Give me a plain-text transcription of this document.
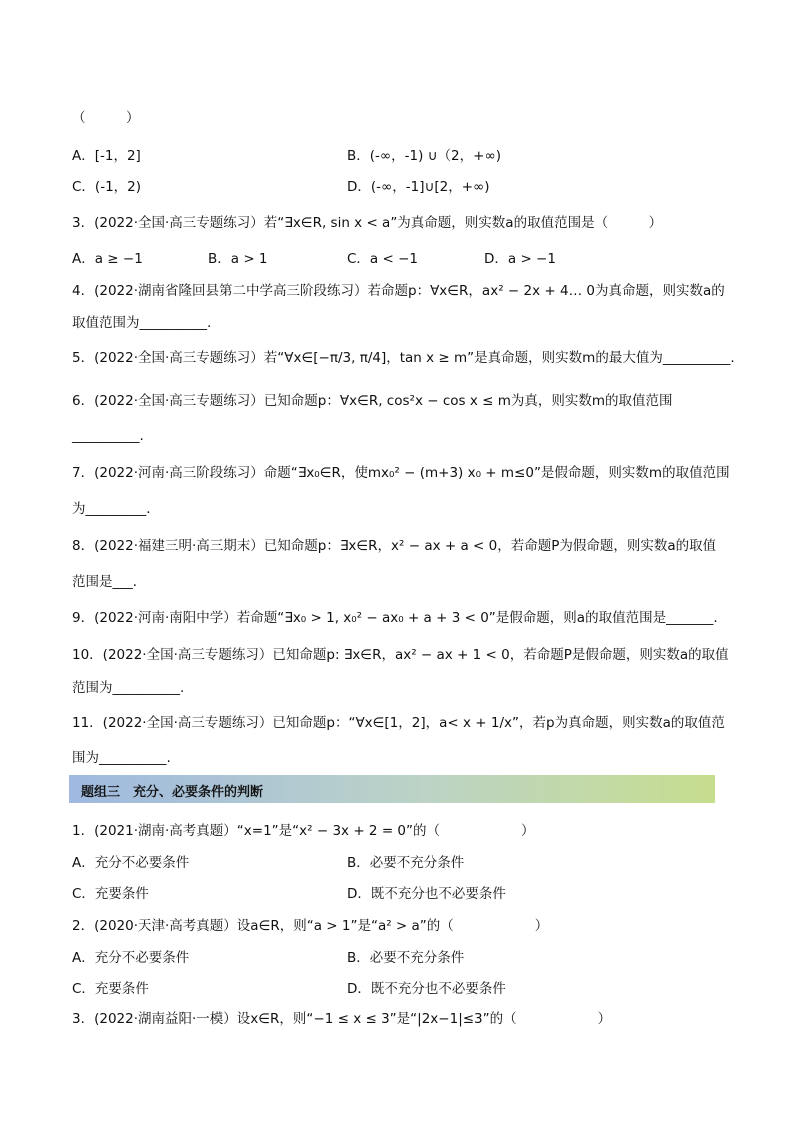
（　　　）
A．[-1，2]	B．(-∞，-1) ∪（2，+∞)
C．(-1，2)	D．(-∞，-1]∪[2，+∞)
3．(2022·全国·高三专题练习）若“∃x∈R, sin x < a”为真命题，则实数a的取值范围是（　　　）
A．a ≥ −1	B．a > 1	C．a < −1	D．a > −1
4．(2022·湖南省隆回县第二中学高三阶段练习）若命题p：∀x∈R，ax² − 2x + 4… 0为真命题，则实数a的
取值范围为__________.
5．(2022·全国·高三专题练习）若“∀x∈[−π/3, π/4]，tan x ≥ m”是真命题，则实数m的最大值为__________.
6．(2022·全国·高三专题练习）已知命题p：∀x∈R, cos²x − cos x ≤ m为真，则实数m的取值范围
__________.
7．(2022·河南·高三阶段练习）命题“∃x₀∈R，使mx₀² − (m+3) x₀ + m≤0”是假命题，则实数m的取值范围
为_________．
8．(2022·福建三明·高三期末）已知命题p：∃x∈R，x² − ax + a < 0，若命题P为假命题，则实数a的取值
范围是___．
9．(2022·河南·南阳中学）若命题“∃x₀ > 1, x₀² − ax₀ + a + 3 < 0”是假命题，则a的取值范围是_______.
10．(2022·全国·高三专题练习）已知命题p: ∃x∈R，ax² − ax + 1 < 0，若命题P是假命题，则实数a的取值
范围为__________.
11．(2022·全国·高三专题练习）已知命题p：“∀x∈[1，2]，a< x + 1/x”，若p为真命题，则实数a的取值范
围为__________.
题组三　充分、必要条件的判断
1．(2021·湖南·高考真题）“x=1”是“x² − 3x + 2 = 0”的（　　　　　　）
A．充分不必要条件	B．必要不充分条件
C．充要条件	D．既不充分也不必要条件
2．(2020·天津·高考真题）设a∈R，则“a > 1”是“a² > a”的（　　　　　　）
A．充分不必要条件	B．必要不充分条件
C．充要条件	D．既不充分也不必要条件
3．(2022·湖南益阳·一模）设x∈R，则“−1 ≤ x ≤ 3”是“|2x−1|≤3”的（　　　　　　）
